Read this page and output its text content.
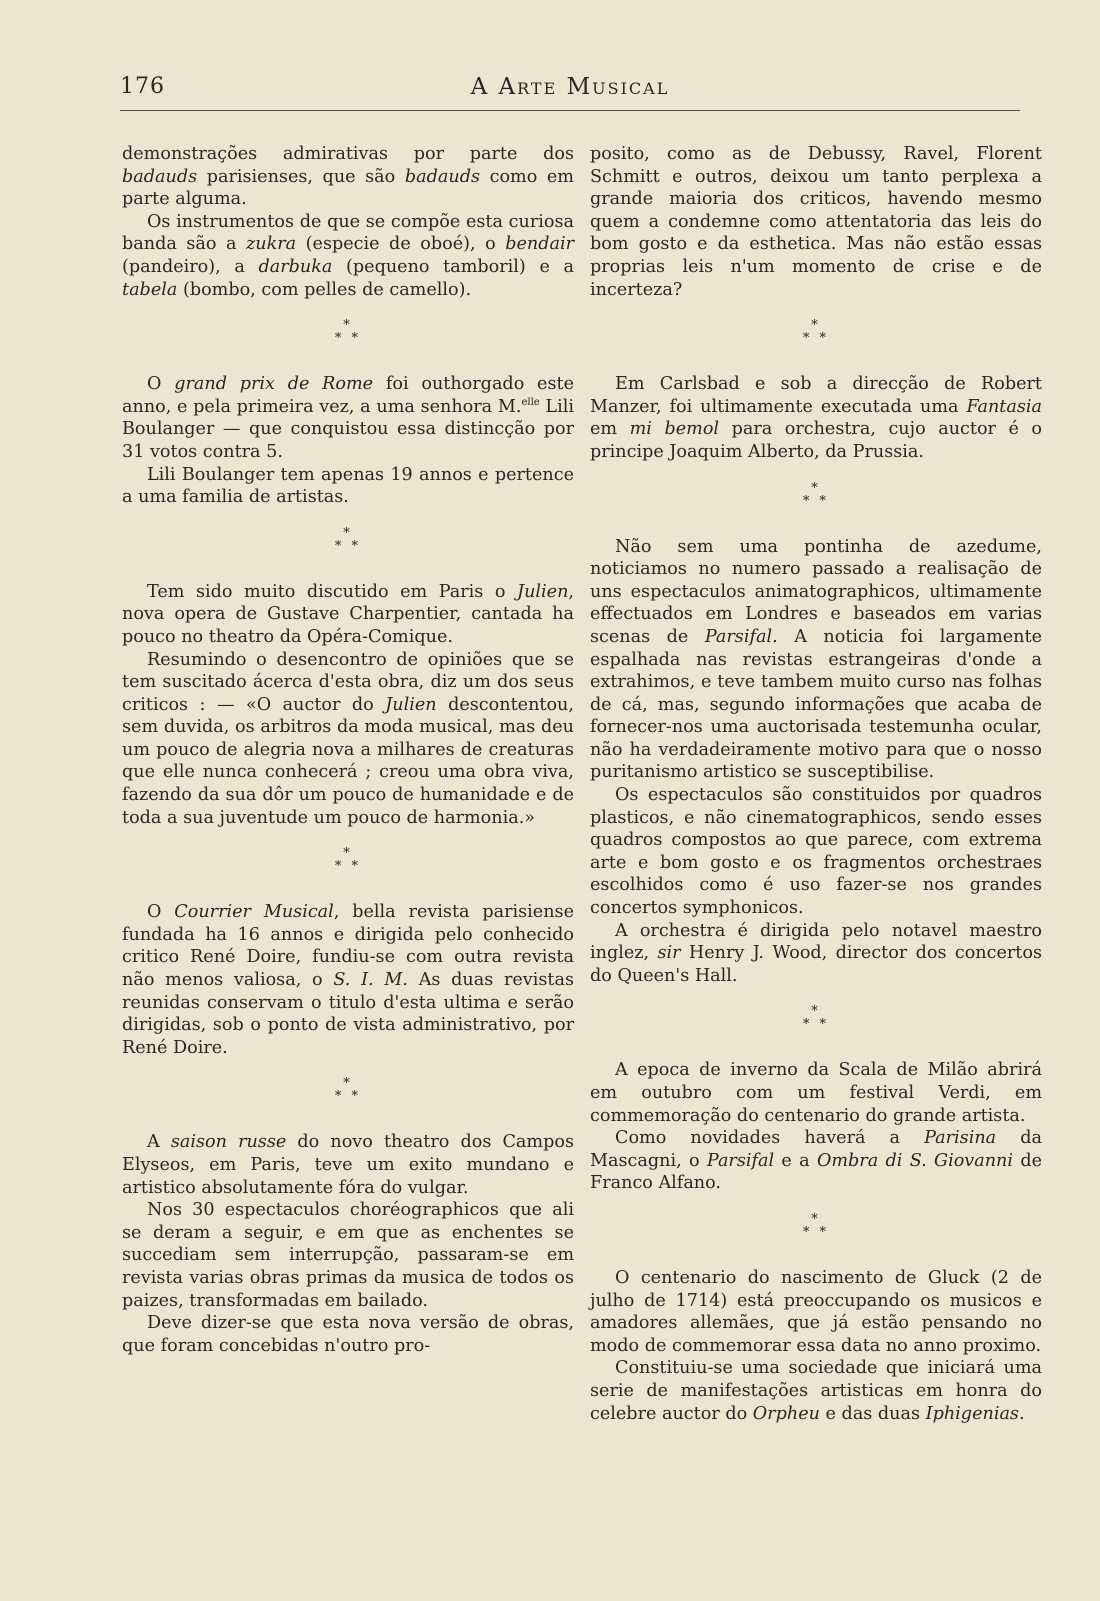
176	A Arte Musical

demonstrações admirativas por parte dos badauds parisienses, que são badauds como em parte alguma.

Os instrumentos de que se compõe esta curiosa banda são a zukra (especie de oboé), o bendair (pandeiro), a darbuka (pequeno tamboril) e a tabela (bombo, com pelles de camello).

*
* *

O grand prix de Rome foi outhorgado este anno, e pela primeira vez, a uma senhora M.$^{elle}$ Lili Boulanger — que conquistou essa distincção por 31 votos contra 5.

Lili Boulanger tem apenas 19 annos e pertence a uma familia de artistas.

*
* *

Tem sido muito discutido em Paris o Julien, nova opera de Gustave Charpentier, cantada ha pouco no theatro da Opéra-Comique.

Resumindo o desencontro de opiniões que se tem suscitado ácerca d'esta obra, diz um dos seus criticos : — «O auctor do Julien descontentou, sem duvida, os arbitros da moda musical, mas deu um pouco de alegria nova a milhares de creaturas que elle nunca conhecerá ; creou uma obra viva, fazendo da sua dôr um pouco de humanidade e de toda a sua juventude um pouco de harmonia.»

*
* *

O Courrier Musical, bella revista parisiense fundada ha 16 annos e dirigida pelo conhecido critico René Doire, fundiu-se com outra revista não menos valiosa, o S. I. M. As duas revistas reunidas conservam o titulo d'esta ultima e serão dirigidas, sob o ponto de vista administrativo, por René Doire.

*
* *

A saison russe do novo theatro dos Campos Elyseos, em Paris, teve um exito mundano e artistico absolutamente fóra do vulgar.

Nos 30 espectaculos choréographicos que ali se deram a seguir, e em que as enchentes se succediam sem interrupção, passaram-se em revista varias obras primas da musica de todos os paizes, transformadas em bailado.

Deve dizer-se que esta nova versão de obras, que foram concebidas n'outro pro-

posito, como as de Debussy, Ravel, Florent Schmitt e outros, deixou um tanto perplexa a grande maioria dos criticos, havendo mesmo quem a condemne como attentatoria das leis do bom gosto e da esthetica. Mas não estão essas proprias leis n'um momento de crise e de incerteza?

*
* *

Em Carlsbad e sob a direcção de Robert Manzer, foi ultimamente executada uma Fantasia em mi bemol para orchestra, cujo auctor é o principe Joaquim Alberto, da Prussia.

*
* *

Não sem uma pontinha de azedume, noticiamos no numero passado a realisação de uns espectaculos animatographicos, ultimamente effectuados em Londres e baseados em varias scenas de Parsifal. A noticia foi largamente espalhada nas revistas estrangeiras d'onde a extrahimos, e teve tambem muito curso nas folhas de cá, mas, segundo informações que acaba de fornecer-nos uma auctorisada testemunha ocular, não ha verdadeiramente motivo para que o nosso puritanismo artistico se susceptibilise.

Os espectaculos são constituidos por quadros plasticos, e não cinematographicos, sendo esses quadros compostos ao que parece, com extrema arte e bom gosto e os fragmentos orchestraes escolhidos como é uso fazer-se nos grandes concertos symphonicos.

A orchestra é dirigida pelo notavel maestro inglez, sir Henry J. Wood, director dos concertos do Queen's Hall.

*
* *

A epoca de inverno da Scala de Milão abrirá em outubro com um festival Verdi, em commemoração do centenario do grande artista.

Como novidades haverá a Parisina da Mascagni, o Parsifal e a Ombra di S. Giovanni de Franco Alfano.

*
* *

O centenario do nascimento de Gluck (2 de julho de 1714) está preoccupando os musicos e amadores allemães, que já estão pensando no modo de commemorar essa data no anno proximo.

Constituiu-se uma sociedade que iniciará uma serie de manifestações artisticas em honra do celebre auctor do Orpheu e das duas Iphigenias.
